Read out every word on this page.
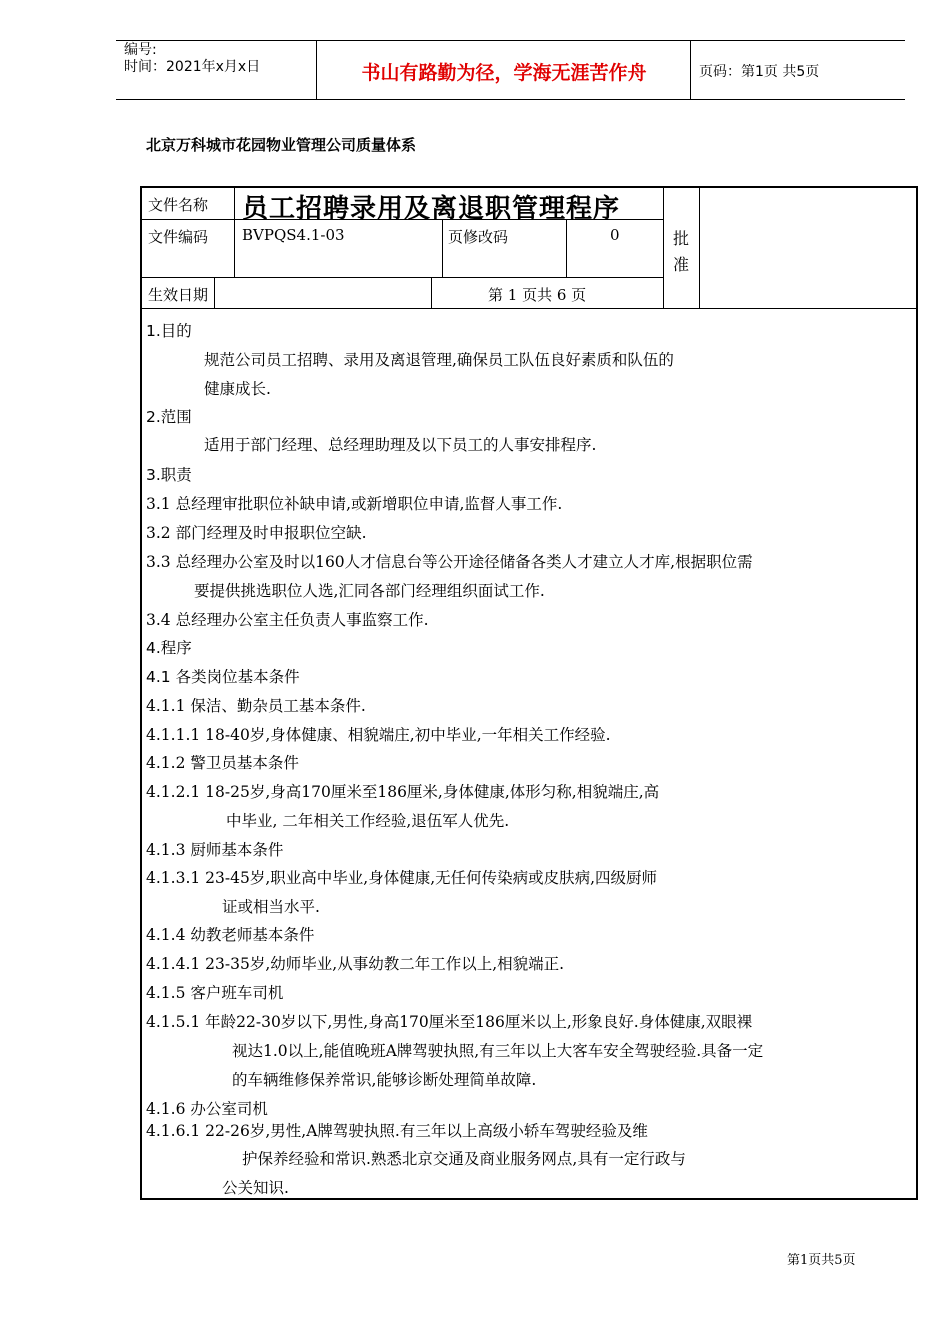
编号:
时间：2021年x月x日	书山有路勤为径，学海无涯苦作舟	页码：第1页 共5页
北京万科城市花园物业管理公司质量体系
文件名称 员工招聘录用及离退职管理程序
文件编码 BVPQS4.1-03	页修改码	0	批
准
生效日期	第 1 页共 6 页

1.目的

规范公司员工招聘、录用及离退管理,确保员工队伍良好素质和队伍的

健康成长.

2.范围

适用于部门经理、总经理助理及以下员工的人事安排程序.

3.职责

3.1 总经理审批职位补缺申请,或新增职位申请,监督人事工作.

3.2 部门经理及时申报职位空缺.

3.3 总经理办公室及时以160人才信息台等公开途径储备各类人才建立人才库,根据职位需

要提供挑选职位人选,汇同各部门经理组织面试工作.

3.4 总经理办公室主任负责人事监察工作.

4.程序

4.1 各类岗位基本条件

4.1.1 保洁、勤杂员工基本条件.

4.1.1.1 18-40岁,身体健康、相貌端庄,初中毕业,一年相关工作经验.

4.1.2 警卫员基本条件

4.1.2.1 18-25岁,身高170厘米至186厘米,身体健康,体形匀称,相貌端庄,高

中毕业, 二年相关工作经验,退伍军人优先.

4.1.3 厨师基本条件

4.1.3.1 23-45岁,职业高中毕业,身体健康,无任何传染病或皮肤病,四级厨师

证或相当水平.

4.1.4 幼教老师基本条件

4.1.4.1 23-35岁,幼师毕业,从事幼教二年工作以上,相貌端正.

4.1.5 客户班车司机

4.1.5.1 年龄22-30岁以下,男性,身高170厘米至186厘米以上,形象良好.身体健康,双眼裸

视达1.0以上,能值晚班A牌驾驶执照,有三年以上大客车安全驾驶经验.具备一定

的车辆维修保养常识,能够诊断处理简单故障.

4.1.6 办公室司机

4.1.6.1 22-26岁,男性,A牌驾驶执照.有三年以上高级小轿车驾驶经验及维

护保养经验和常识.熟悉北京交通及商业服务网点,具有一定行政与

公关知识.

第1页共5页
